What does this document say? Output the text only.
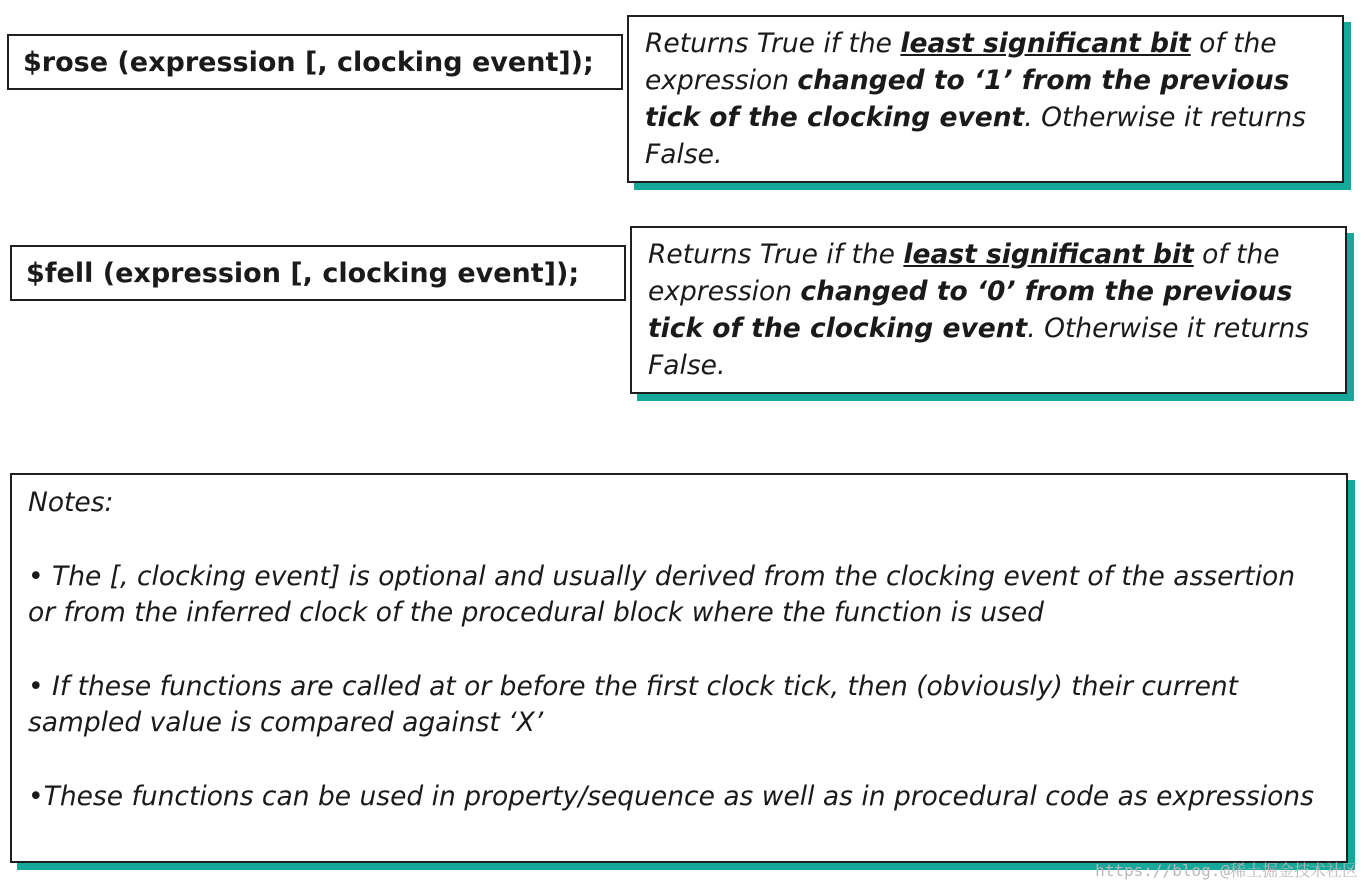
$rose (expression [, clocking event]);
Returns True if the least significant bit of the expression changed to ‘1’ from the previous tick of the clocking event. Otherwise it returns False.
$fell (expression [, clocking event]);
Returns True if the least significant bit of the expression changed to ‘0’ from the previous tick of the clocking event. Otherwise it returns False.

Notes:

• The [, clocking event] is optional and usually derived from the clocking event of the assertion or from the inferred clock of the procedural block where the function is used

• If these functions are called at or before the first clock tick, then (obviously) their current sampled value is compared against ‘X’

•These functions can be used in property/sequence as well as in procedural code as expressions

https://blog.@稀土掘金技术社区
